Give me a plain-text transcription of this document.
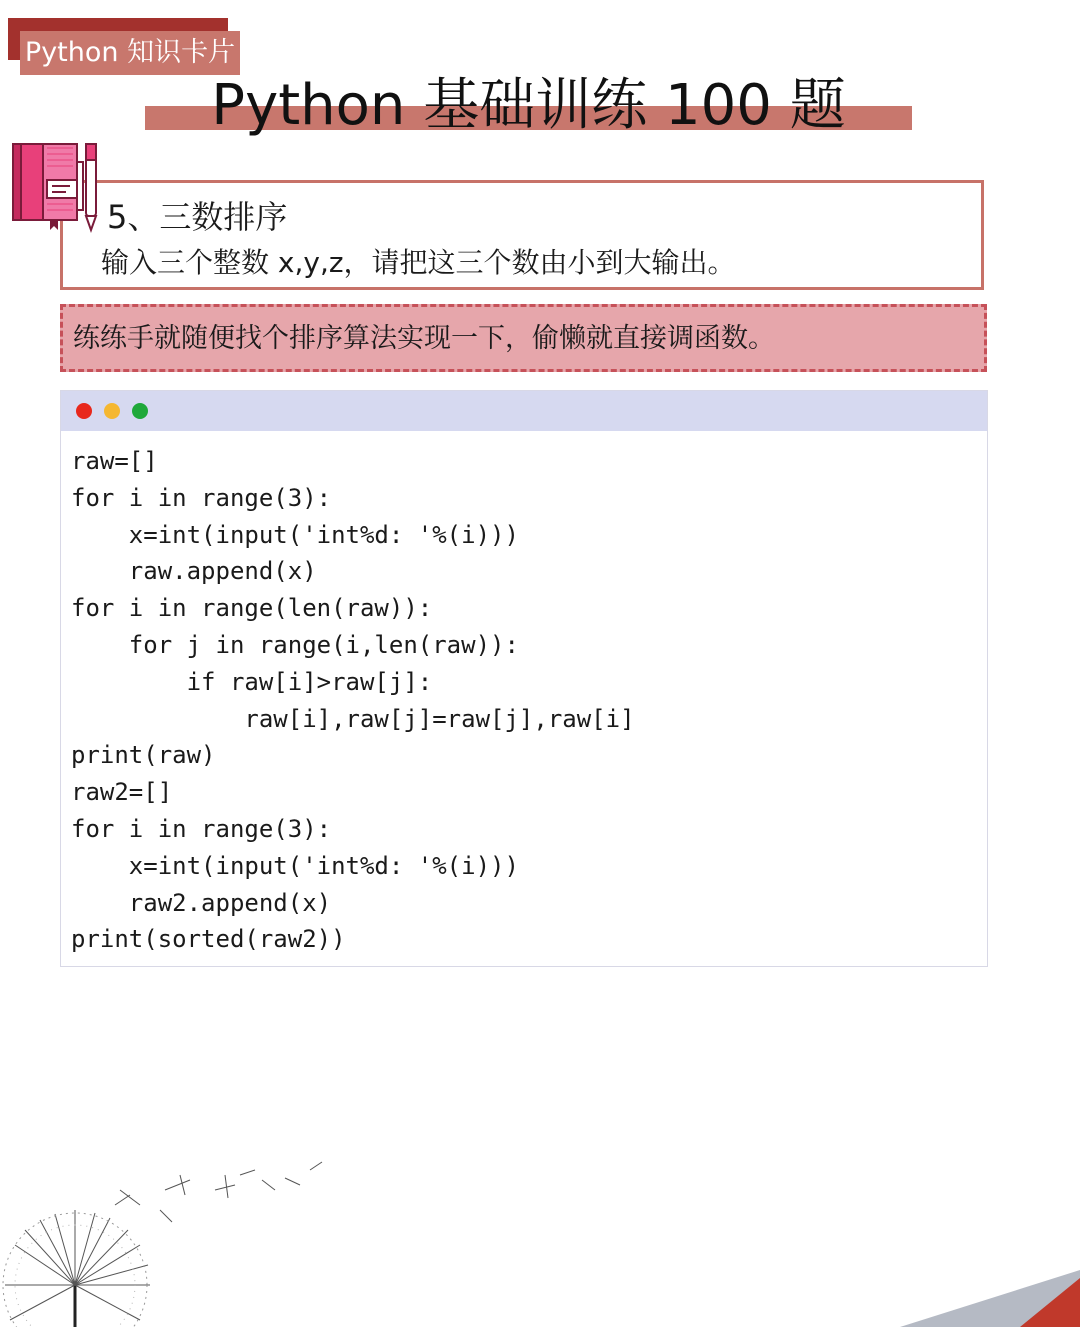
Python 知识卡片
Python 基础训练 100 题
5、三数排序
输入三个整数 x,y,z，请把这三个数由小到大输出。
练练手就随便找个排序算法实现一下，偷懒就直接调函数。
raw=[]
for i in range(3):
x=int(input('int%d: '%(i)))
raw.append(x)
for i in range(len(raw)):
for j in range(i,len(raw)):
if raw[i]>raw[j]:
raw[i],raw[j]=raw[j],raw[i]
print(raw)
raw2=[]
for i in range(3):
x=int(input('int%d: '%(i)))
raw2.append(x)
print(sorted(raw2))
